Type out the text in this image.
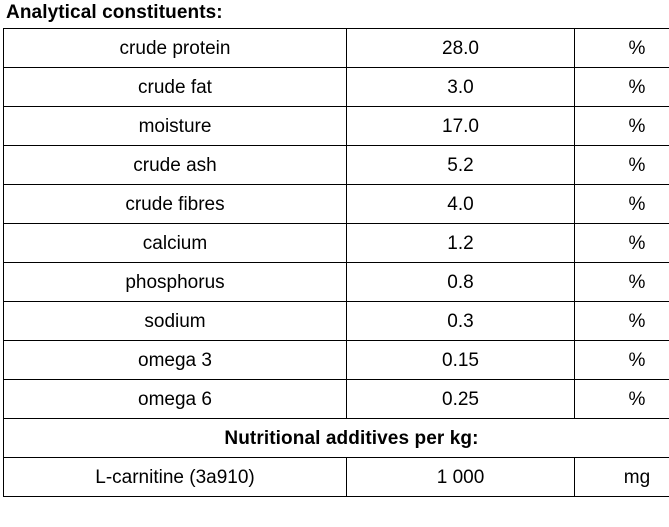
Analytical constituents:
crude protein	28.0	%
crude fat	3.0	%
moisture	17.0	%
crude ash	5.2	%
crude fibres	4.0	%
calcium	1.2	%
phosphorus	0.8	%
sodium	0.3	%
omega 3	0.15	%
omega 6	0.25	%
Nutritional additives per kg:		
L-carnitine (3a910)	1 000	mg
